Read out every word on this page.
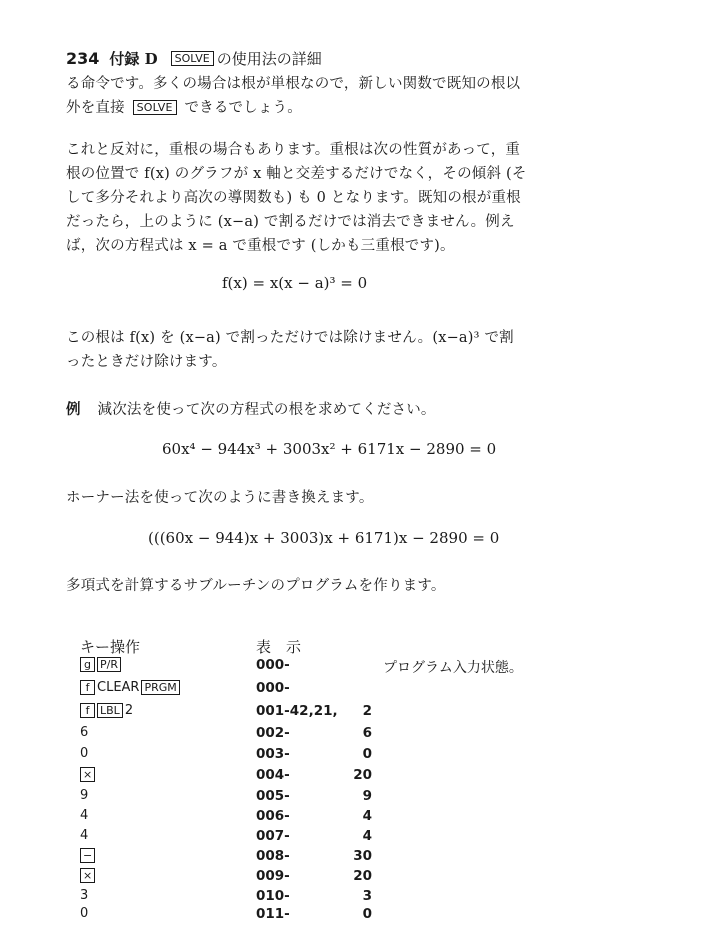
234 付録 D	SOLVE の使用法の詳細
る命令です。多くの場合は根が単根なので，新しい関数で既知の根以
外を直接 SOLVE できるでしょう。
これと反対に，重根の場合もあります。重根は次の性質があって，重
根の位置で f(x) のグラフが x 軸と交差するだけでなく，その傾斜 (そ
して多分それより高次の導関数も) も 0 となります。既知の根が重根
だったら，上のように (x−a) で割るだけでは消去できません。例え
ば，次の方程式は x = a で重根です (しかも三重根です)。
f(x) = x(x − a)³ = 0
この根は f(x) を (x−a) で割っただけでは除けません。(x−a)³ で割
ったときだけ除けます。
例 減次法を使って次の方程式の根を求めてください。
60x⁴ − 944x³ + 3003x² + 6171x − 2890 = 0
ホーナー法を使って次のように書き換えます。
(((60x − 944)x + 3003)x + 6171)x − 2890 = 0
多項式を計算するサブルーチンのプログラムを作ります。
キー操作	表　示
g P/R	000-	プログラム入力状態。
f CLEAR PRGM	000-
f LBL 2	001-42,21,	2
6	002-	6
0	003-	0
×	004-	20
9	005-	9
4	006-	4
4	007-	4
−	008-	30
×	009-	20
3	010-	3
0	011-	0
